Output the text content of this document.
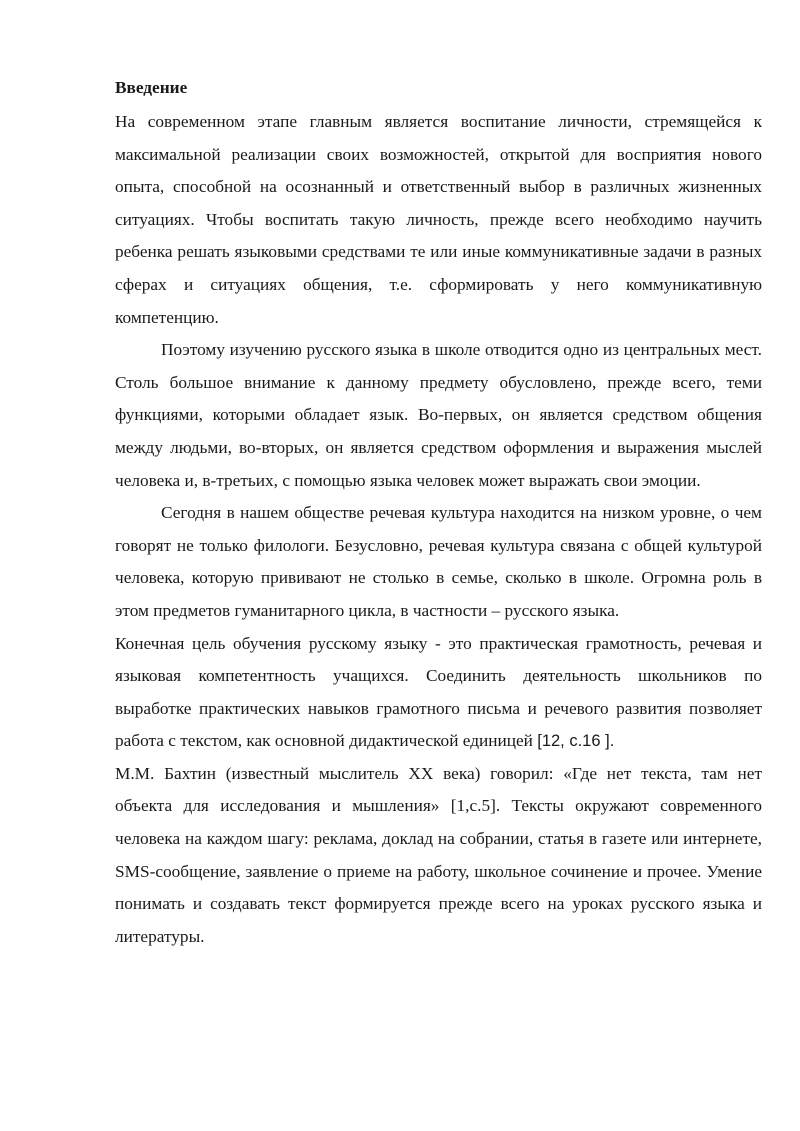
Введение

На современном этапе главным является воспитание личности, стремящейся к максимальной реализации своих возможностей, открытой для восприятия нового опыта, способной на осознанный и ответственный выбор в различных жизненных ситуациях. Чтобы воспитать такую личность, прежде всего необходимо научить ребенка решать языковыми средствами те или иные коммуникативные задачи в разных сферах и ситуациях общения, т.е. сформировать у него коммуникативную компетенцию.

Поэтому изучению русского языка в школе отводится одно из центральных мест. Столь большое внимание к данному предмету обусловлено, прежде всего, теми функциями, которыми обладает язык. Во-первых, он является средством общения между людьми, во-вторых, он является средством оформления и выражения мыслей человека и, в-третьих, с помощью языка человек может выражать свои эмоции.

Сегодня в нашем обществе речевая культура находится на низком уровне, о чем говорят не только филологи. Безусловно, речевая культура связана с общей культурой человека, которую прививают не столько в семье, сколько в школе. Огромна роль в этом предметов гуманитарного цикла, в частности – русского языка.

Конечная цель обучения русскому языку - это практическая грамотность, речевая и языковая компетентность учащихся. Соединить деятельность школьников по выработке практических навыков грамотного письма и речевого развития позволяет работа с текстом, как основной дидактической единицей [12, с.16 ].

М.М. Бахтин (известный мыслитель XX века) говорил: «Где нет текста, там нет объекта для исследования и мышления» [1,с.5]. Тексты окружают современного человека на каждом шагу: реклама, доклад на собрании, статья в газете или интернете, SMS-сообщение, заявление о приеме на работу, школьное сочинение и прочее. Умение понимать и создавать текст формируется прежде всего на уроках русского языка и литературы.
